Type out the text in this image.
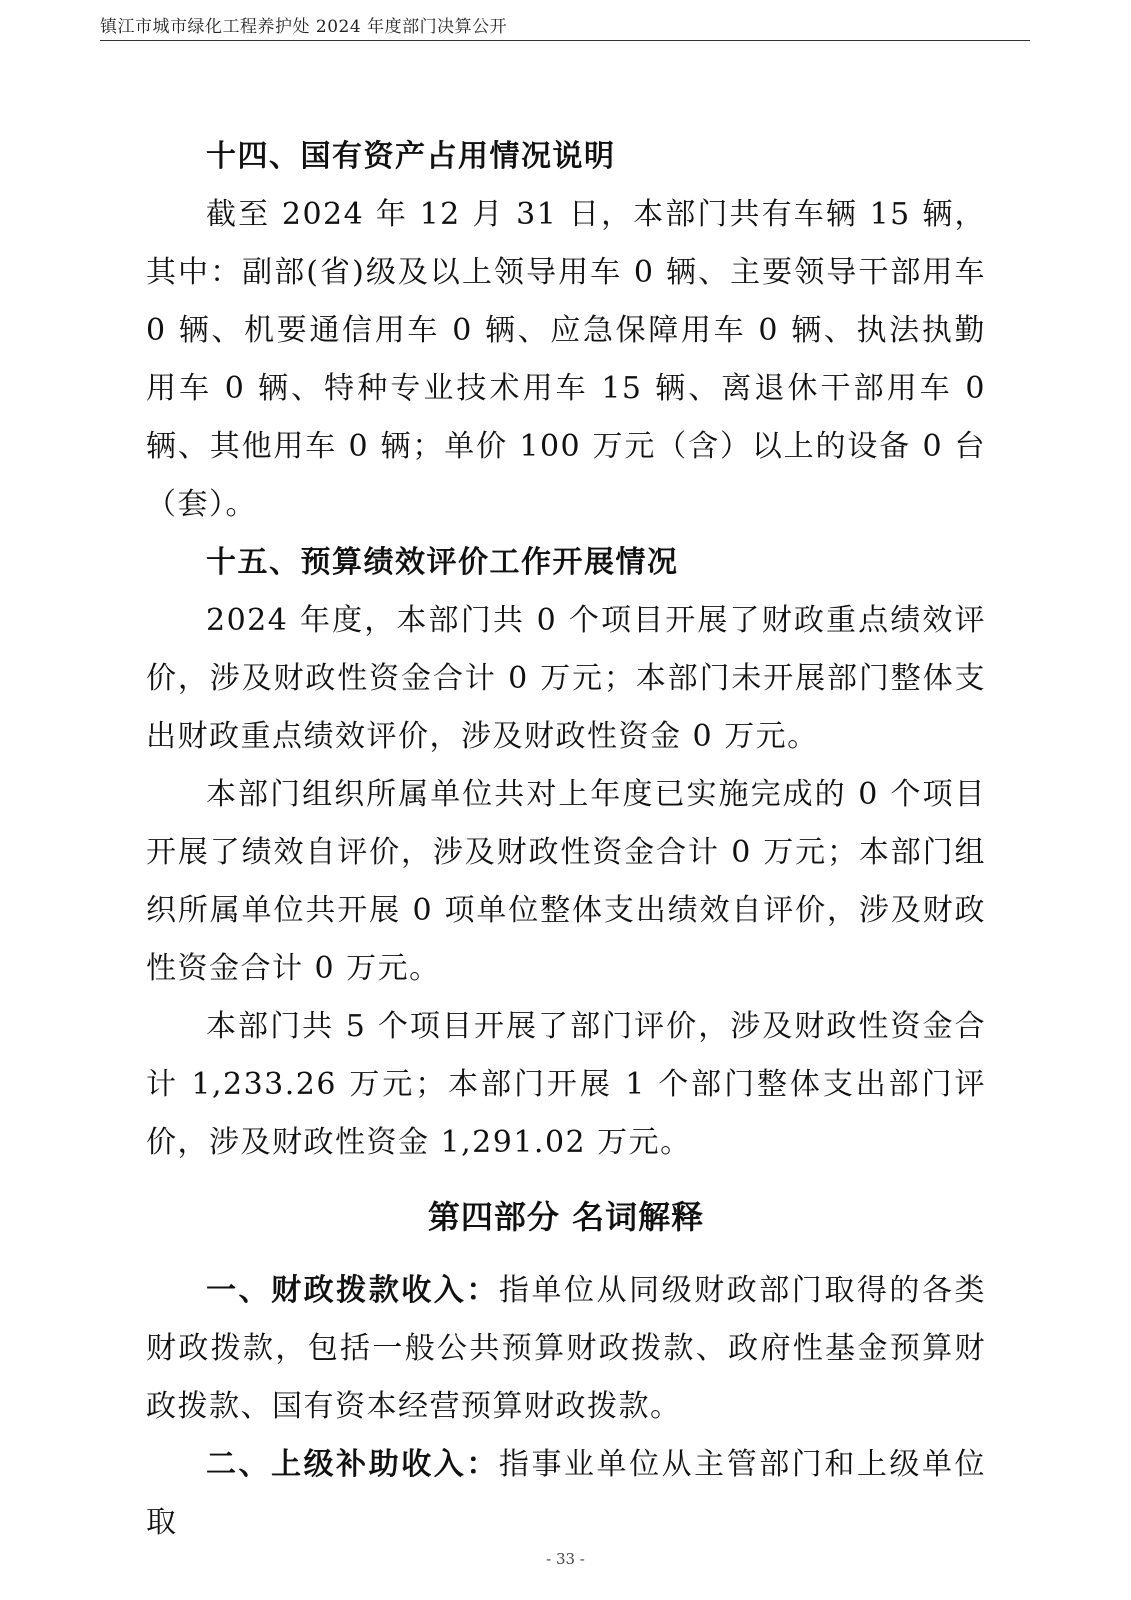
镇江市城市绿化工程养护处 2024 年度部门决算公开

十四、国有资产占用情况说明

截至 2024 年 12 月 31 日，本部门共有车辆 15 辆，其中：副部(省)级及以上领导用车 0 辆、主要领导干部用车 0 辆、机要通信用车 0 辆、应急保障用车 0 辆、执法执勤用车 0 辆、特种专业技术用车 15 辆、离退休干部用车 0 辆、其他用车 0 辆；单价 100 万元（含）以上的设备 0 台（套）。

十五、预算绩效评价工作开展情况

2024 年度，本部门共 0 个项目开展了财政重点绩效评价，涉及财政性资金合计 0 万元；本部门未开展部门整体支出财政重点绩效评价，涉及财政性资金 0 万元。

本部门组织所属单位共对上年度已实施完成的 0 个项目开展了绩效自评价，涉及财政性资金合计 0 万元；本部门组织所属单位共开展 0 项单位整体支出绩效自评价，涉及财政性资金合计 0 万元。

本部门共 5 个项目开展了部门评价，涉及财政性资金合计 1,233.26 万元；本部门开展 1 个部门整体支出部门评价，涉及财政性资金 1,291.02 万元。

第四部分 名词解释

一、财政拨款收入：指单位从同级财政部门取得的各类财政拨款，包括一般公共预算财政拨款、政府性基金预算财政拨款、国有资本经营预算财政拨款。

二、上级补助收入：指事业单位从主管部门和上级单位取

- 33 -
